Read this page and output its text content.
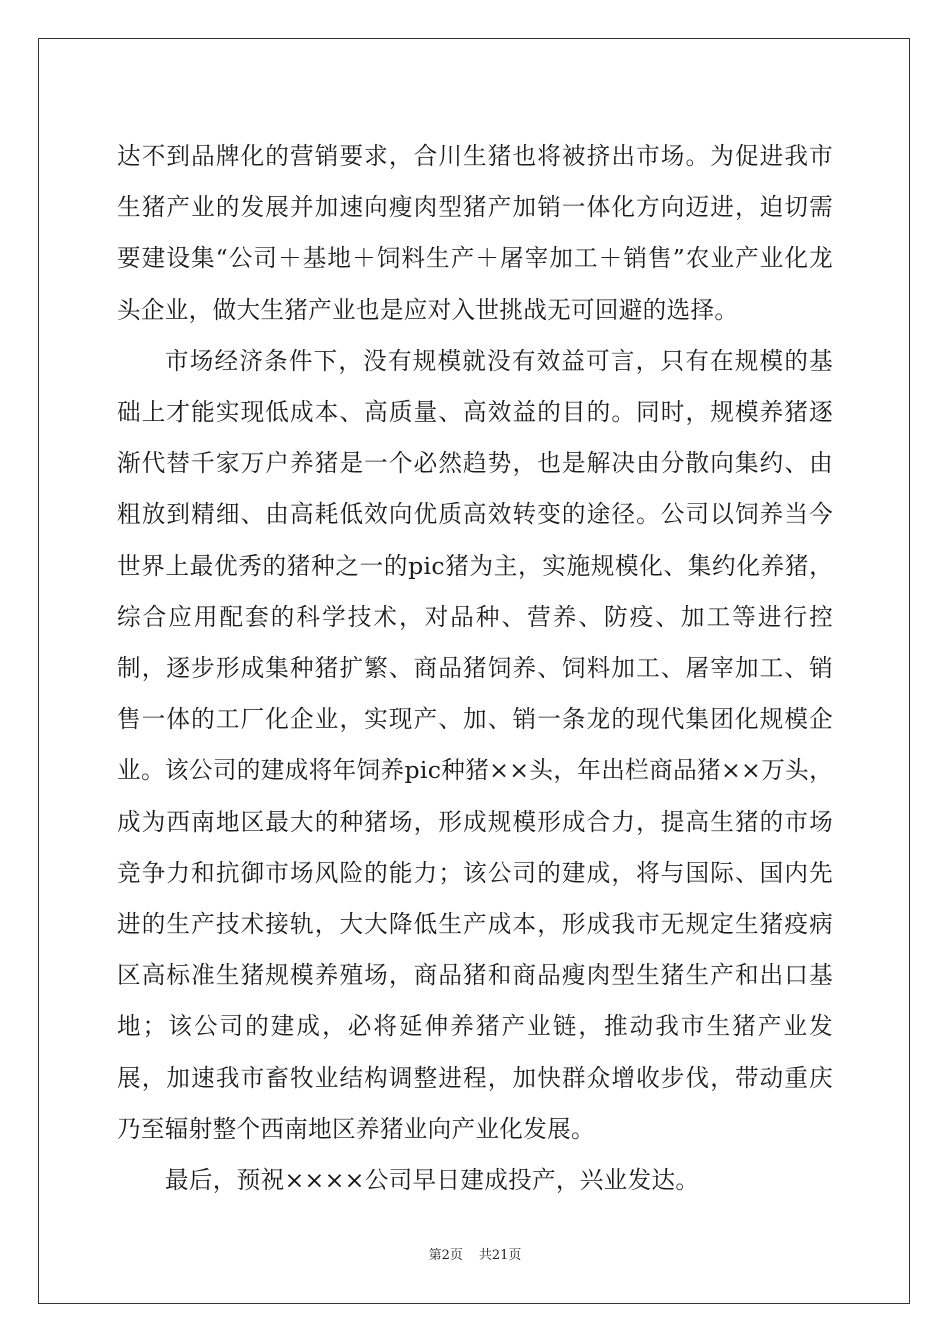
达不到品牌化的营销要求，合川生猪也将被挤出市场。为促进我市生猪产业的发展并加速向瘦肉型猪产加销一体化方向迈进，迫切需要建设集“公司＋基地＋饲料生产＋屠宰加工＋销售”农业产业化龙头企业，做大生猪产业也是应对入世挑战无可回避的选择。

市场经济条件下，没有规模就没有效益可言，只有在规模的基础上才能实现低成本、高质量、高效益的目的。同时，规模养猪逐渐代替千家万户养猪是一个必然趋势，也是解决由分散向集约、由粗放到精细、由高耗低效向优质高效转变的途径。公司以饲养当今世界上最优秀的猪种之一的pic猪为主，实施规模化、集约化养猪，综合应用配套的科学技术，对品种、营养、防疫、加工等进行控制，逐步形成集种猪扩繁、商品猪饲养、饲料加工、屠宰加工、销售一体的工厂化企业，实现产、加、销一条龙的现代集团化规模企业。该公司的建成将年饲养pic种猪××头，年出栏商品猪××万头，成为西南地区最大的种猪场，形成规模形成合力，提高生猪的市场竞争力和抗御市场风险的能力；该公司的建成，将与国际、国内先进的生产技术接轨，大大降低生产成本，形成我市无规定生猪疫病区高标准生猪规模养殖场，商品猪和商品瘦肉型生猪生产和出口基地；该公司的建成，必将延伸养猪产业链，推动我市生猪产业发展，加速我市畜牧业结构调整进程，加快群众增收步伐，带动重庆乃至辐射整个西南地区养猪业向产业化发展。

最后，预祝××××公司早日建成投产，兴业发达。

第2页 共21页
